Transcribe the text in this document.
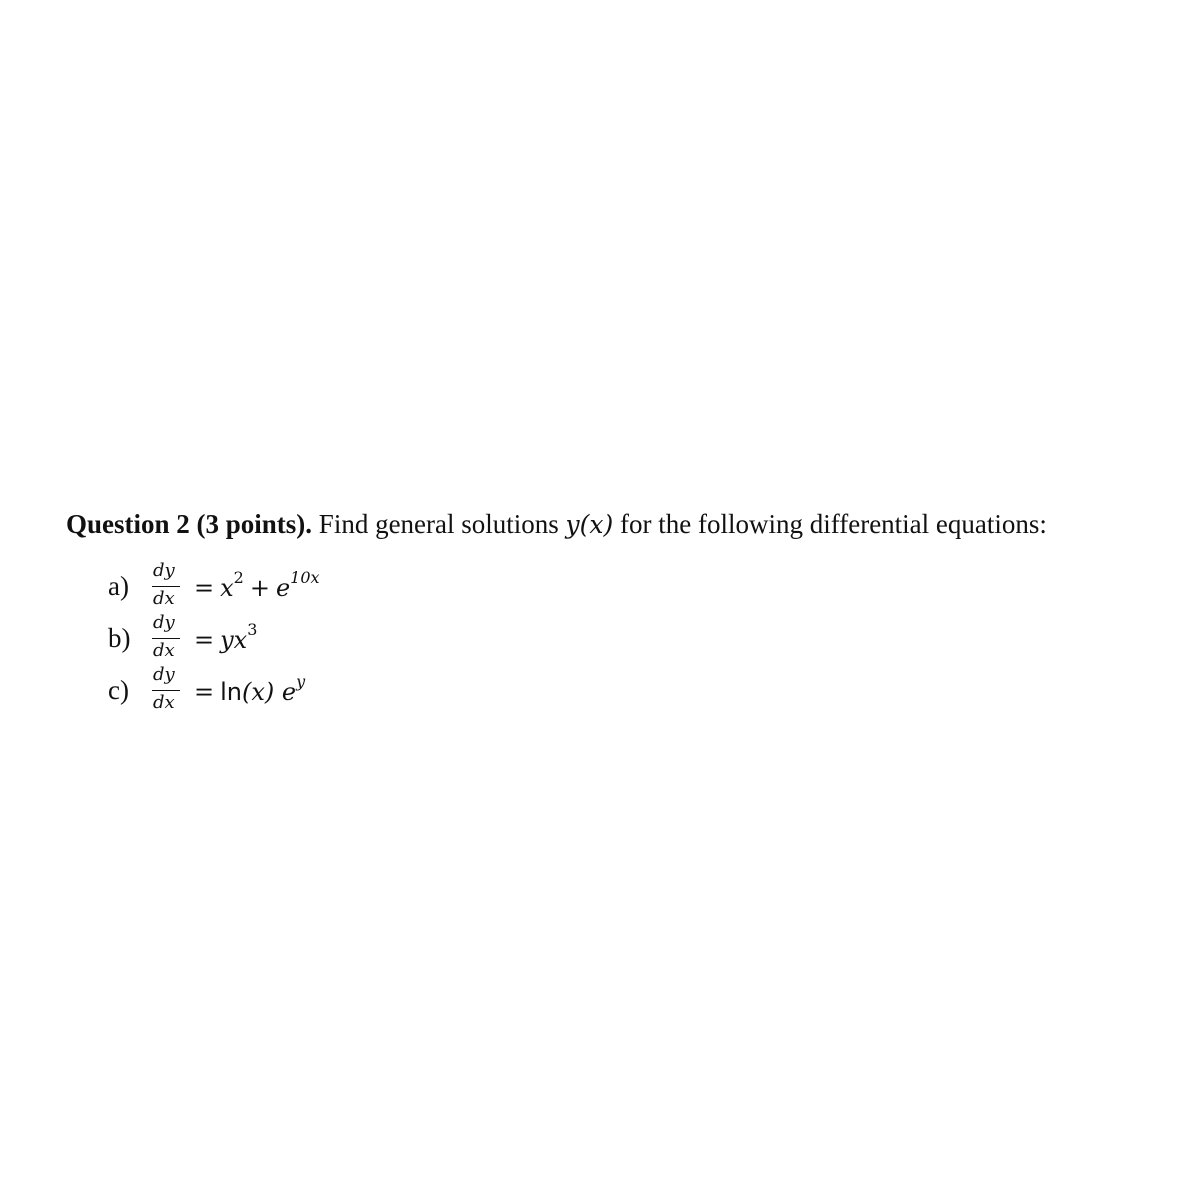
Question 2 (3 points). Find general solutions y(x) for the following differential equations:
a)
dy
dx = $x^2 + e^{10x}$
b)
dy
dx = $yx^3$
c)
dy
dx = ln(x) $e^y$
